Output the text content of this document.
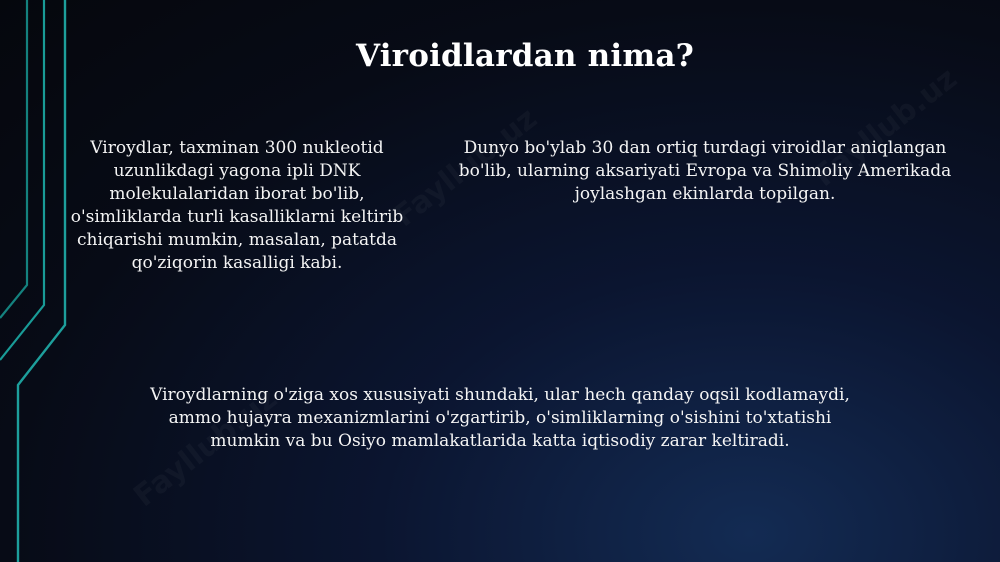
Viroidlardan nima?
Viroydlar, taxminan 300 nukleotid uzunlikdagi yagona ipli DNK molekulalaridan iborat bo'lib, o'simliklarda turli kasalliklarni keltirib chiqarishi mumkin, masalan, patatda qo'ziqorin kasalligi kabi.
Dunyo bo'ylab 30 dan ortiq turdagi viroidlar aniqlangan bo'lib, ularning aksariyati Evropa va Shimoliy Amerikada joylashgan ekinlarda topilgan.
Viroydlarning o'ziga xos xususiyati shundaki, ular hech qanday oqsil kodlamaydi, ammo hujayra mexanizmlarini o'zgartirib, o'simliklarning o'sishini to'xtatishi mumkin va bu Osiyo mamlakatlarida katta iqtisodiy zarar keltiradi.
